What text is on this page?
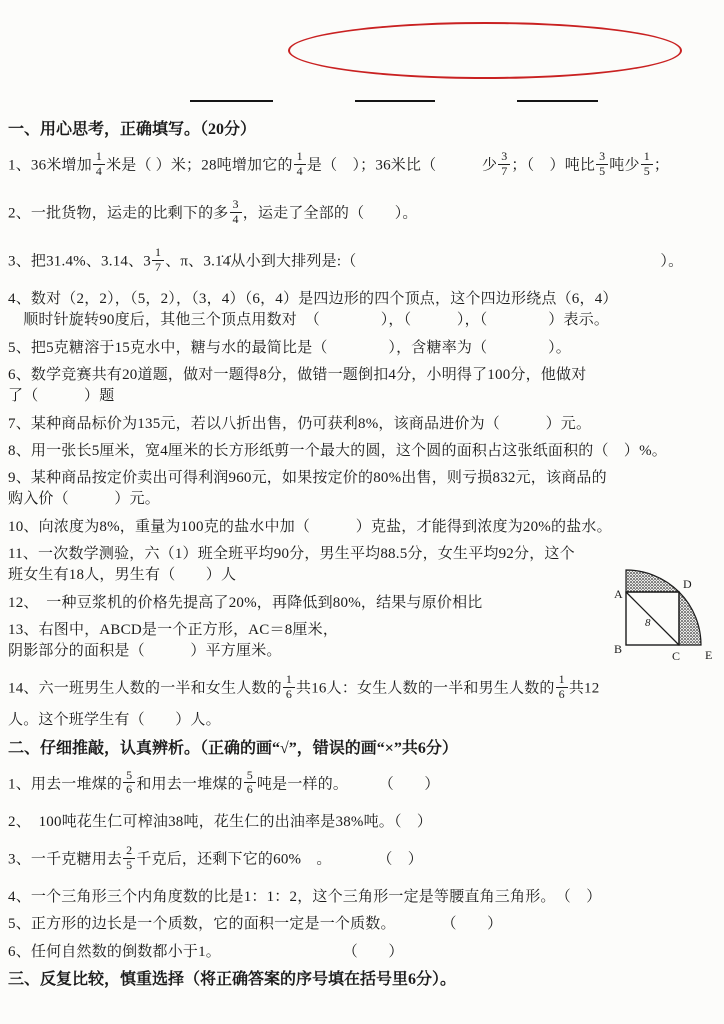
一、用心思考，正确填写。（20分）
1、36米增加 $\frac{1}{4}$ 米是（ ）米；28吨增加它的 $\frac{1}{4}$ 是（　）；36米比（　　　少 $\frac{3}{7}$ ；（　）吨比 $\frac{3}{5}$ 吨少 $\frac{1}{5}$ ；
2、一批货物，运走的比剩下的多 $\frac{3}{4}$ ，运走了全部的（　　）。
3、把31.4%、3.14、$3 \frac{1}{7}$ 、π、3.1̇4̇从小到大排列是:（　　　　　　　　　　　　　　　　　　　　）。
4、数对（2，2），（5，2），（3，4）（6，4）是四边形的四个顶点，这个四边形绕点（6，4）
　顺时针旋转90度后，其他三个顶点用数对　（　　　　），（　　　），（　　　　）表示。
5、把5克糖溶于15克水中，糖与水的最简比是（　　　　），含糖率为（　　　　）。
6、数学竞赛共有20道题，做对一题得8分，做错一题倒扣4分，小明得了100分，他做对
了（　　　）题
7、某种商品标价为135元，若以八折出售，仍可获利8%，该商品进价为（　　　）元。
8、用一张长5厘米，宽4厘米的长方形纸剪一个最大的圆，这个圆的面积占这张纸面积的（　）%。
9、某种商品按定价卖出可得利润960元，如果按定价的80%出售，则亏损832元，该商品的
购入价（　　　）元。
10、向浓度为8%，重量为100克的盐水中加（　　　）克盐，才能得到浓度为20%的盐水。
11、一次数学测验，六（1）班全班平均90分，男生平均88.5分，女生平均92分，这个
班女生有18人，男生有（　　）人
12、　一种豆浆机的价格先提高了20%，再降低到80%，结果与原价相比
13、右图中，ABCD是一个正方形，AC＝8厘米，
阴影部分的面积是（　　　）平方厘米。
14、六一班男生人数的一半和女生人数的 $\frac{1}{6}$ 共16人：女生人数的一半和男生人数的 $\frac{1}{6}$ 共12
人。这个班学生有（　　）人。
二、仔细推敲，认真辨析。（正确的画“√”，错误的画“×”共6分）
1、用去一堆煤的 $\frac{5}{6}$ 和用去一堆煤的 $\frac{5}{6}$ 吨是一样的。　　　（　　）
2、　100吨花生仁可榨油38吨，花生仁的出油率是38%吨。（　）
3、一千克糖用去 $\frac{2}{5}$ 千克后，还剩下它的60%　。　　　　（　）
4、一个三角形三个内角度数的比是1：1：2，这个三角形一定是等腰直角三角形。　（　）
5、正方形的边长是一个质数，它的面积一定是一个质数。　　　　（　　）
6、任何自然数的倒数都小于1。　　　　　　　　　（　　）
三、反复比较，慎重选择（将正确答案的序号填在括号里6分）。
A
B	C
D
E
8
